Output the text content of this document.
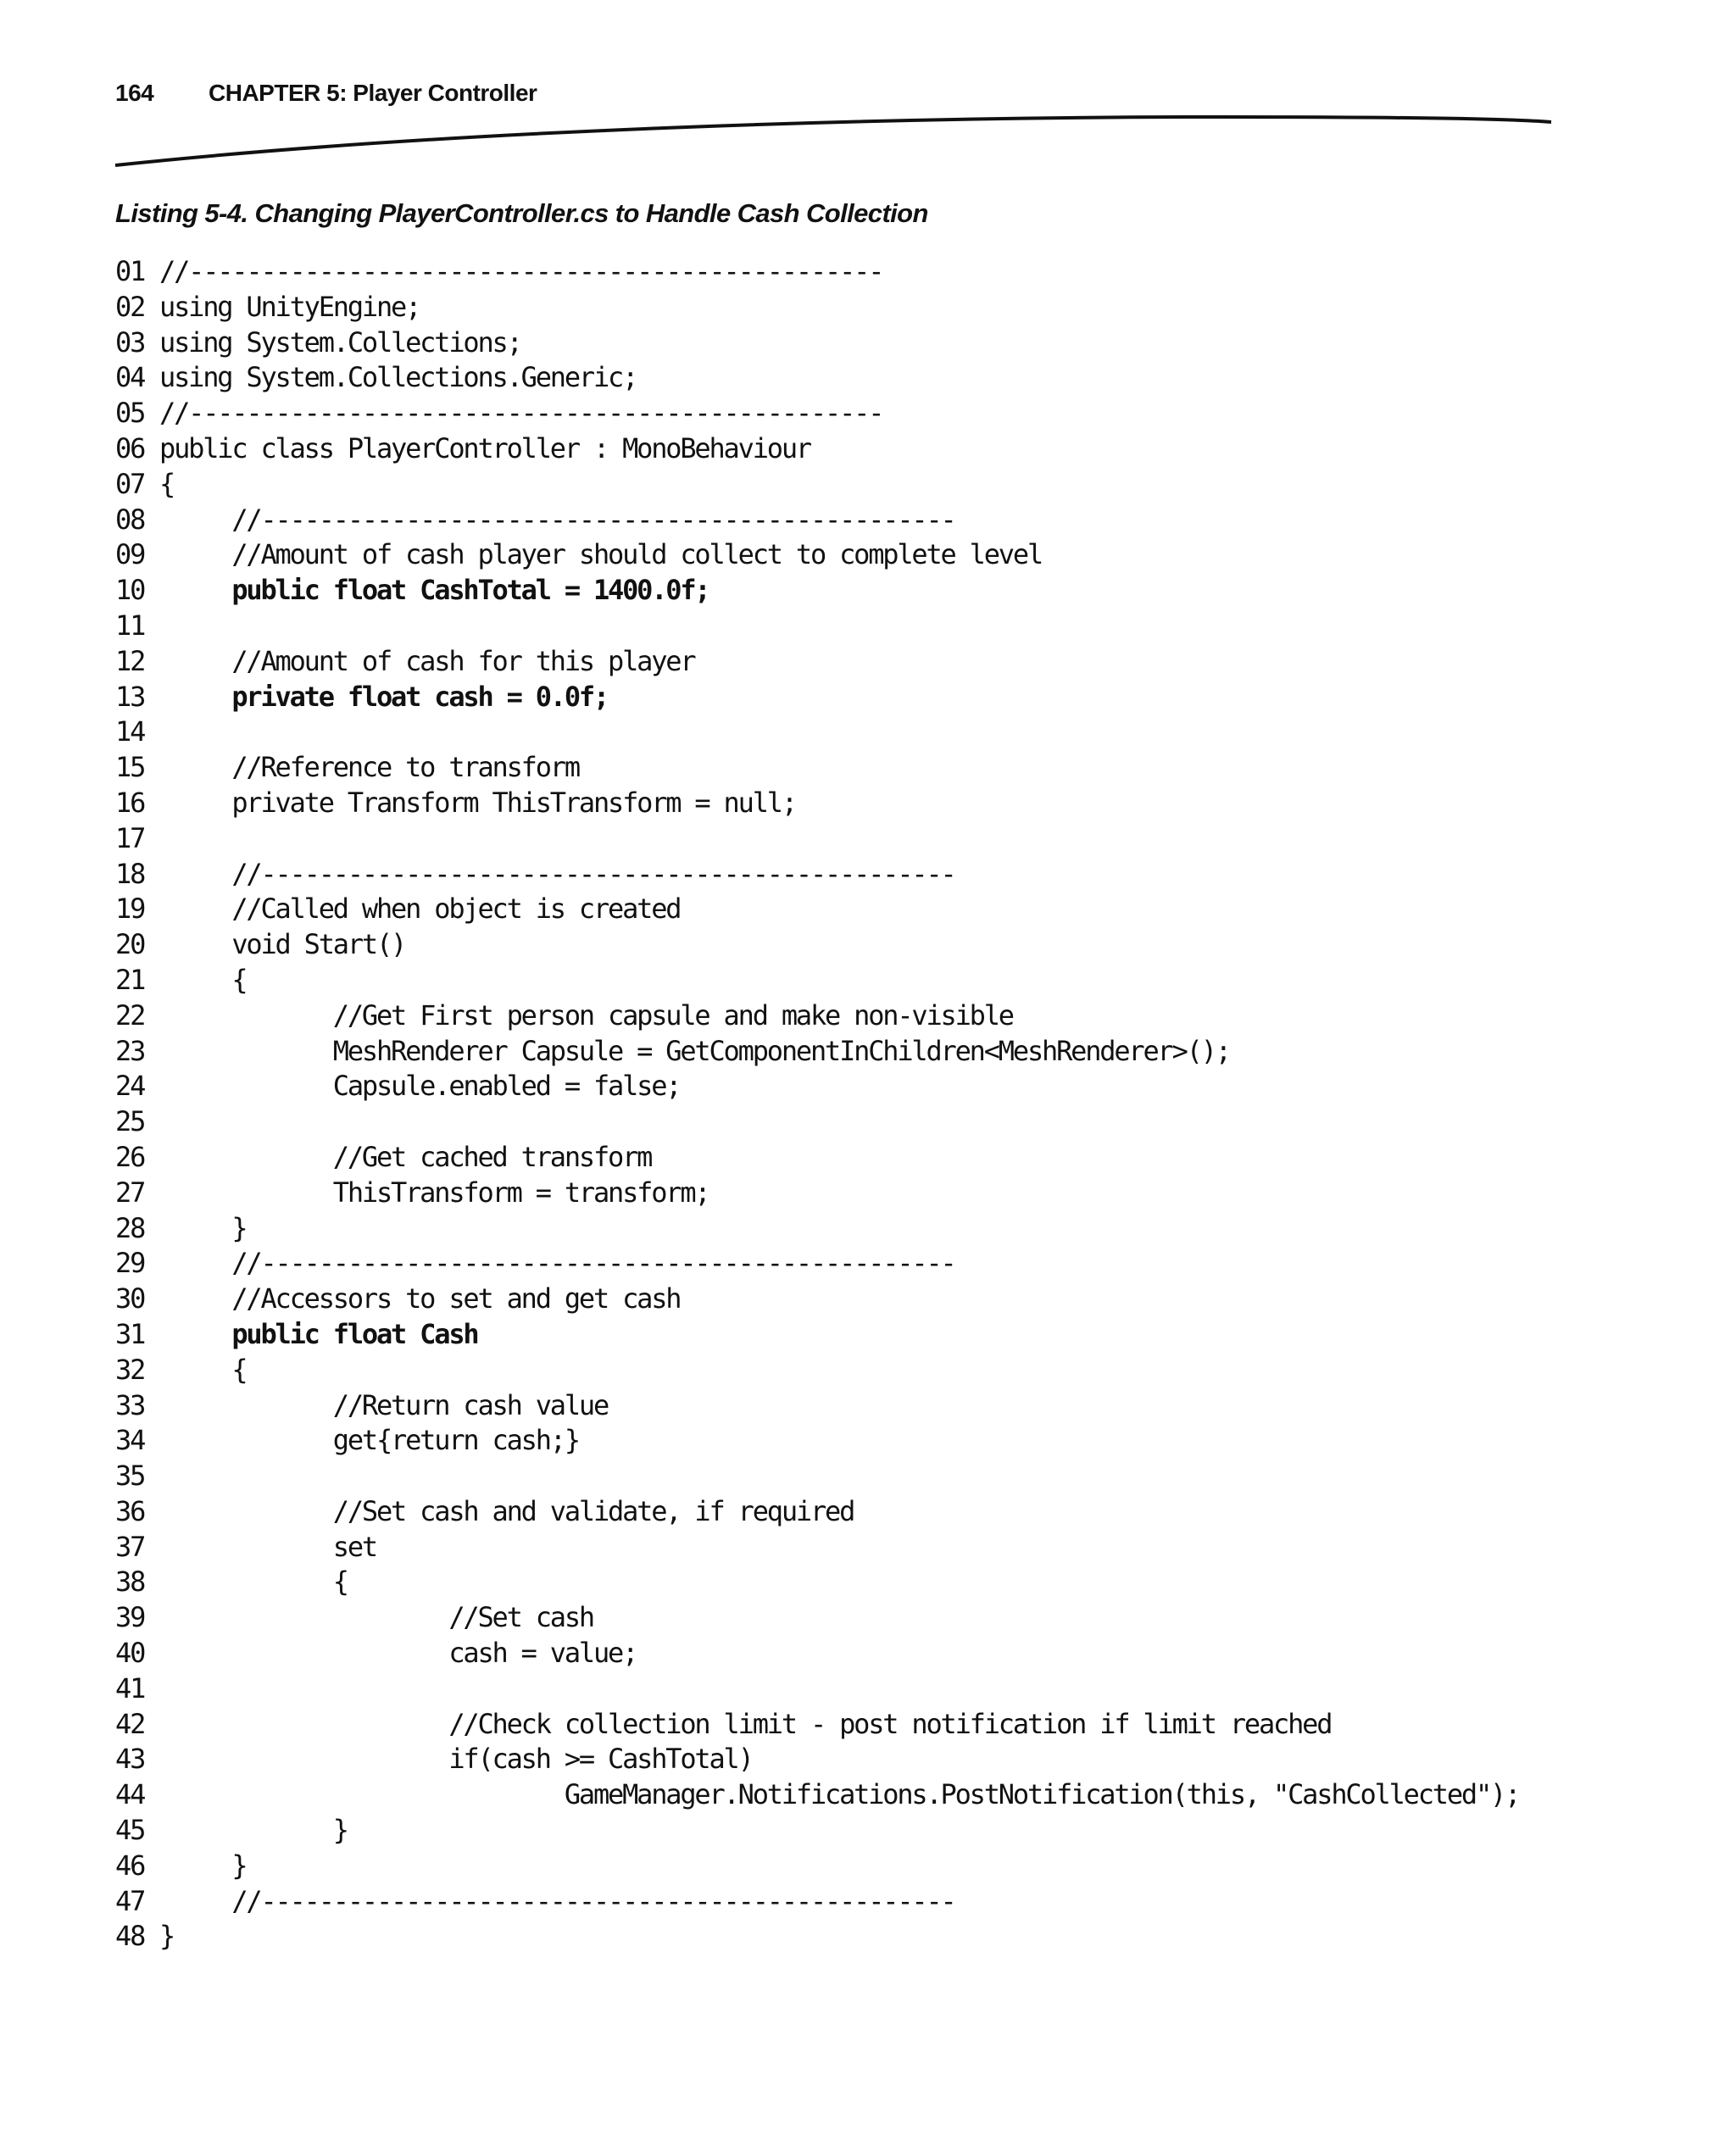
164 CHAPTER 5: Player Controller
Listing 5-4. Changing PlayerController.cs to Handle Cash Collection
01 //------------------------------------------------
02 using UnityEngine;
03 using System.Collections;
04 using System.Collections.Generic;
05 //------------------------------------------------
06 public class PlayerController : MonoBehaviour
07 {
08     //------------------------------------------------
09     //Amount of cash player should collect to complete level
10     public float CashTotal = 1400.0f;
11
12     //Amount of cash for this player
13     private float cash = 0.0f;
14
15     //Reference to transform
16     private Transform ThisTransform = null;
17
18     //------------------------------------------------
19     //Called when object is created
20     void Start()
21     {
22            //Get First person capsule and make non-visible
23            MeshRenderer Capsule = GetComponentInChildren<MeshRenderer>();
24            Capsule.enabled = false;
25
26            //Get cached transform
27            ThisTransform = transform;
28     }
29     //------------------------------------------------
30     //Accessors to set and get cash
31     public float Cash
32     {
33            //Return cash value
34            get{return cash;}
35
36            //Set cash and validate, if required
37            set
38            {
39                    //Set cash
40                    cash = value;
41
42                    //Check collection limit - post notification if limit reached
43                    if(cash >= CashTotal)
44                            GameManager.Notifications.PostNotification(this, "CashCollected");
45            }
46     }
47     //------------------------------------------------
48 }
